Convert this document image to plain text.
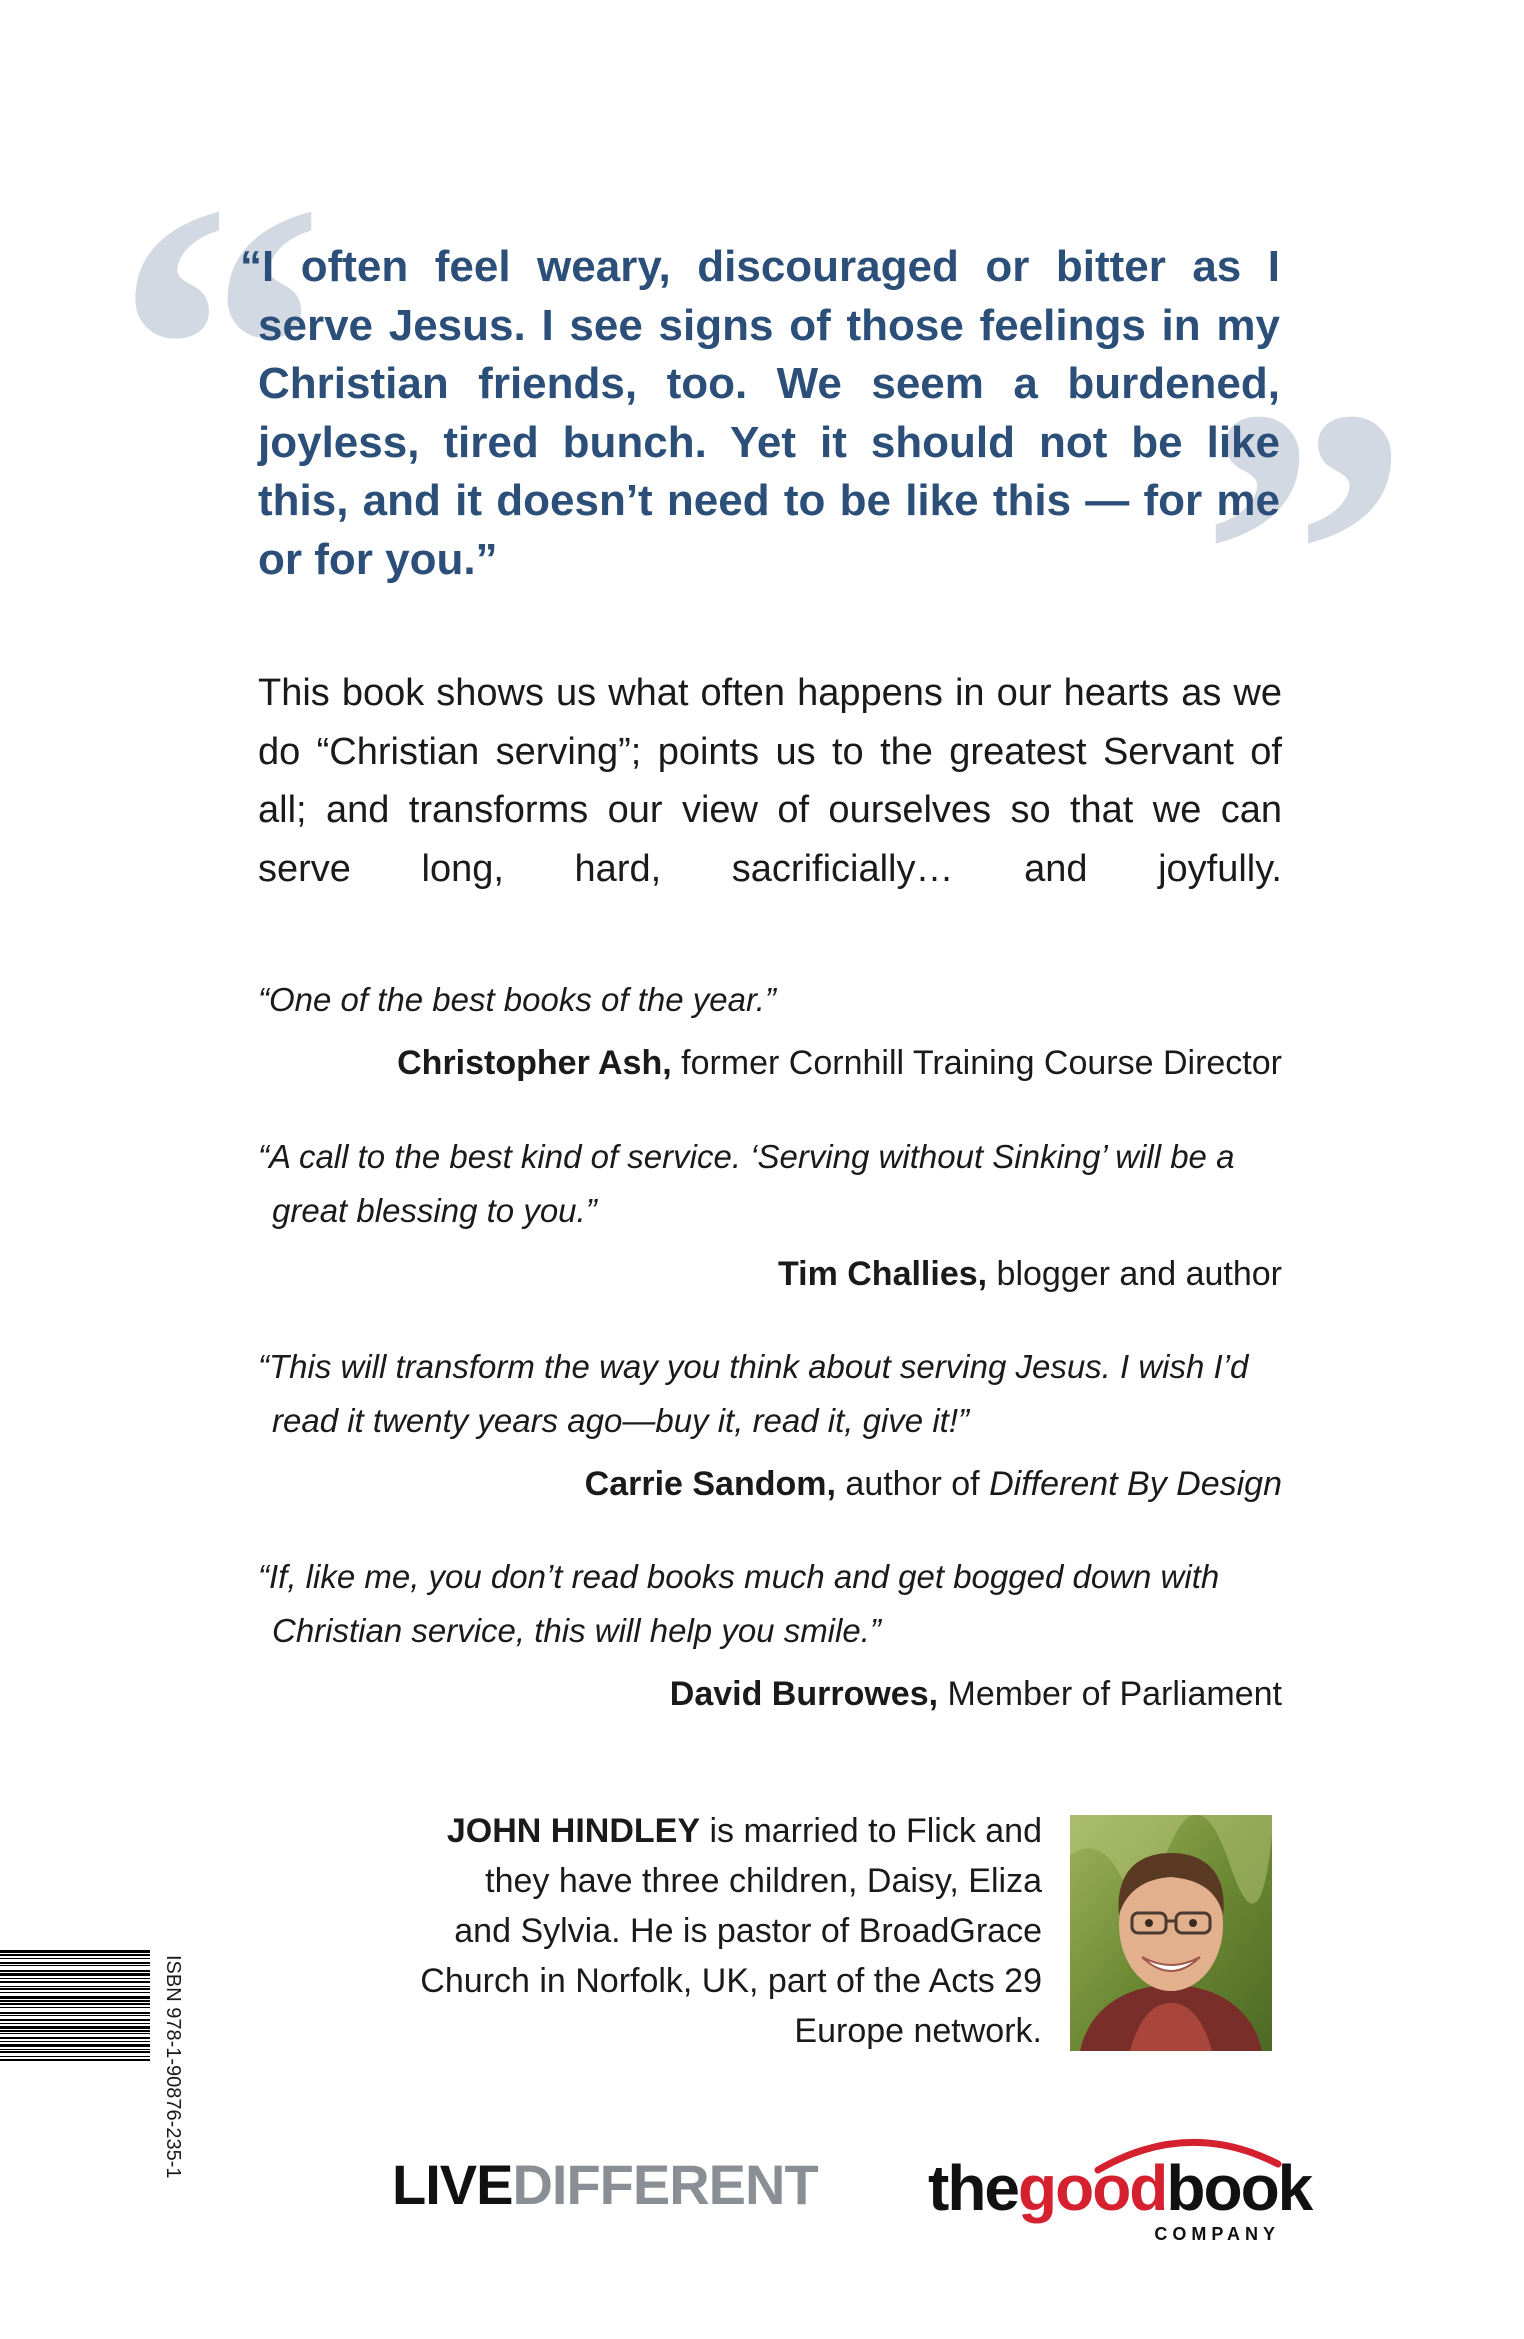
“ ”
“I often feel weary, discouraged or bitter as I serve Jesus. I see signs of those feelings in my Christian friends, too. We seem a burdened, joyless, tired bunch. Yet it should not be like this, and it doesn’t need to be like this — for me or for you.”
This book shows us what often happens in our hearts as we do “Christian serving”; points us to the greatest Servant of all; and transforms our view of ourselves so that we can serve long, hard, sacrificially… and joyfully.
“One of the best books of the year.”
Christopher Ash, former Cornhill Training Course Director
“A call to the best kind of service. ‘Serving without Sinking’ will be a great blessing to you.”
Tim Challies, blogger and author
“This will transform the way you think about serving Jesus. I wish I’d read it twenty years ago—buy it, read it, give it!”
Carrie Sandom, author of Different By Design
“If, like me, you don’t read books much and get bogged down with Christian service, this will help you smile.”
David Burrowes, Member of Parliament
JOHN HINDLEY is married to Flick and they have three children, Daisy, Eliza and Sylvia. He is pastor of BroadGrace Church in Norfolk, UK, part of the Acts 29 Europe network.
ISBN 978-1-90876-235-1
LIVEDIFFERENT thegoodbook
COMPANY
